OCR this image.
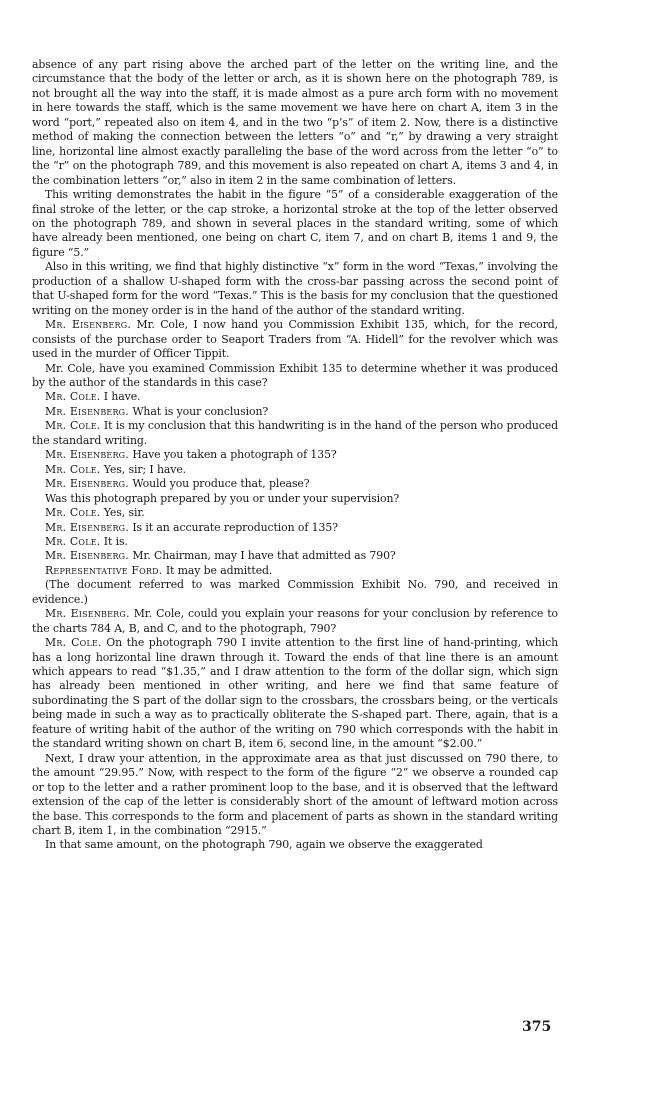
absence of any part rising above the arched part of the letter on the writing line, and the circumstance that the body of the letter or arch, as it is shown here on the photograph 789, is not brought all the way into the staff, it is made almost as a pure arch form with no movement in here towards the staff, which is the same movement we have here on chart A, item 3 in the word “port,” repeated also on item 4, and in the two “p’s” of item 2. Now, there is a distinctive method of making the connection between the letters “o” and “r,” by drawing a very straight line, horizontal line almost exactly paralleling the base of the word across from the letter “o” to the “r” on the photograph 789, and this movement is also repeated on chart A, items 3 and 4, in the combination letters “or,” also in item 2 in the same combination of letters.

This writing demonstrates the habit in the figure “5” of a considerable exaggeration of the final stroke of the letter, or the cap stroke, a horizontal stroke at the top of the letter observed on the photograph 789, and shown in several places in the standard writing, some of which have already been mentioned, one being on chart C, item 7, and on chart B, items 1 and 9, the figure “5.”

Also in this writing, we find that highly distinctive “x” form in the word “Texas,” involving the production of a shallow U-shaped form with the cross-bar passing across the second point of that U-shaped form for the word “Texas.” This is the basis for my conclusion that the questioned writing on the money order is in the hand of the author of the standard writing.

Mr. Eisenberg. Mr. Cole, I now hand you Commission Exhibit 135, which, for the record, consists of the purchase order to Seaport Traders from “A. Hidell” for the revolver which was used in the murder of Officer Tippit.

Mr. Cole, have you examined Commission Exhibit 135 to determine whether it was produced by the author of the standards in this case?

Mr. Cole. I have.

Mr. Eisenberg. What is your conclusion?

Mr. Cole. It is my conclusion that this handwriting is in the hand of the person who produced the standard writing.

Mr. Eisenberg. Have you taken a photograph of 135?

Mr. Cole. Yes, sir; I have.

Mr. Eisenberg. Would you produce that, please?

Was this photograph prepared by you or under your supervision?

Mr. Cole. Yes, sir.

Mr. Eisenberg. Is it an accurate reproduction of 135?

Mr. Cole. It is.

Mr. Eisenberg. Mr. Chairman, may I have that admitted as 790?

Representative Ford. It may be admitted.

(The document referred to was marked Commission Exhibit No. 790, and received in evidence.)

Mr. Eisenberg. Mr. Cole, could you explain your reasons for your conclusion by reference to the charts 784 A, B, and C, and to the photograph, 790?

Mr. Cole. On the photograph 790 I invite attention to the first line of hand-printing, which has a long horizontal line drawn through it. Toward the ends of that line there is an amount which appears to read “$1.35,” and I draw attention to the form of the dollar sign, which sign has already been mentioned in other writing, and here we find that same feature of subordinating the S part of the dollar sign to the crossbars, the crossbars being, or the verticals being made in such a way as to practically obliterate the S-shaped part. There, again, that is a feature of writing habit of the author of the writing on 790 which corresponds with the habit in the standard writing shown on chart B, item 6, second line, in the amount “$2.00.”

Next, I draw your attention, in the approximate area as that just discussed on 790 there, to the amount “29.95.” Now, with respect to the form of the figure “2” we observe a rounded cap or top to the letter and a rather prominent loop to the base, and it is observed that the leftward extension of the cap of the letter is considerably short of the amount of leftward motion across the base. This corresponds to the form and placement of parts as shown in the standard writing chart B, item 1, in the combination “2915.”

In that same amount, on the photograph 790, again we observe the exaggerated

375
